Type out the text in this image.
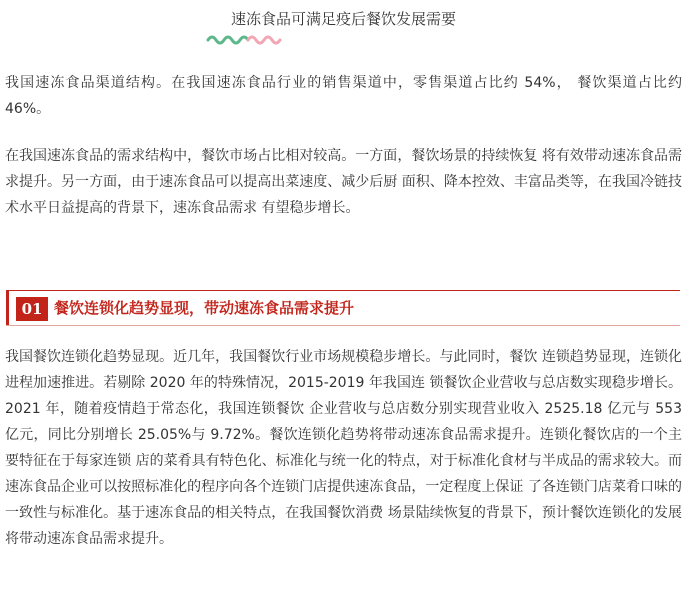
速冻食品可满足疫后餐饮发展需要

我国速冻食品渠道结构。在我国速冻食品行业的销售渠道中，零售渠道占比约 54%， 餐饮渠道占比约 46%。

在我国速冻食品的需求结构中，餐饮市场占比相对较高。一方面，餐饮场景的持续恢复 将有效带动速冻食品需求提升。另一方面，由于速冻食品可以提高出菜速度、减少后厨 面积、降本控效、丰富品类等，在我国冷链技术水平日益提高的背景下，速冻食品需求 有望稳步增长。

01 餐饮连锁化趋势显现，带动速冻食品需求提升

我国餐饮连锁化趋势显现。近几年，我国餐饮行业市场规模稳步增长。与此同时，餐饮 连锁趋势显现，连锁化进程加速推进。若剔除 2020 年的特殊情况，2015-2019 年我国连 锁餐饮企业营收与总店数实现稳步增长。2021 年，随着疫情趋于常态化，我国连锁餐饮 企业营收与总店数分别实现营业收入 2525.18 亿元与 553 亿元，同比分别增长 25.05%与 9.72%。餐饮连锁化趋势将带动速冻食品需求提升。连锁化餐饮店的一个主要特征在于每家连锁 店的菜肴具有特色化、标准化与统一化的特点，对于标准化食材与半成品的需求较大。而速冻食品企业可以按照标准化的程序向各个连锁门店提供速冻食品，一定程度上保证 了各连锁门店菜肴口味的一致性与标准化。基于速冻食品的相关特点，在我国餐饮消费 场景陆续恢复的背景下，预计餐饮连锁化的发展将带动速冻食品需求提升。
